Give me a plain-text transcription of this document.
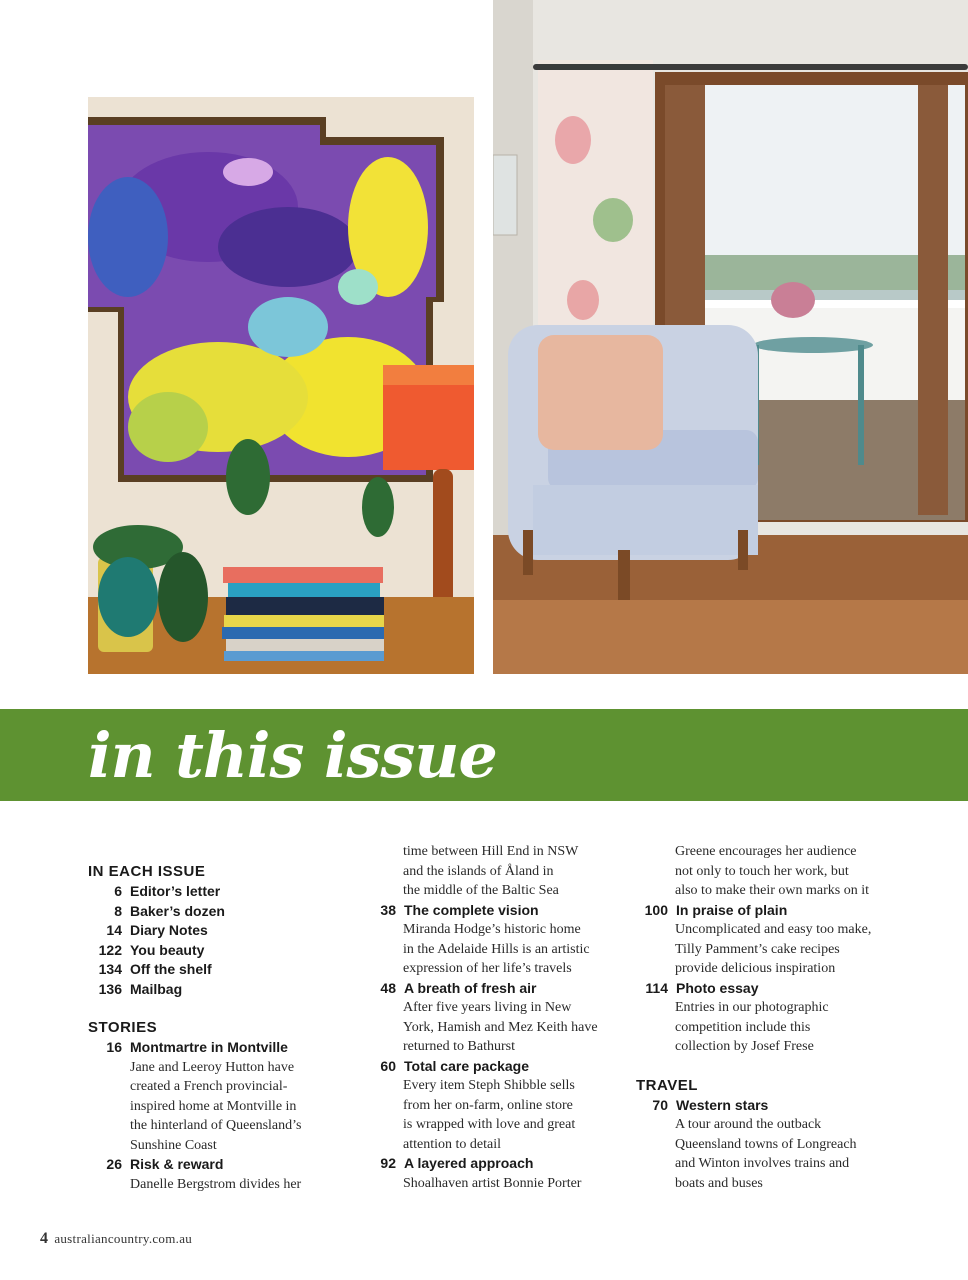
in this issue
IN EACH ISSUE
6 Editor’s letter
8 Baker’s dozen
14 Diary Notes
122 You beauty
134 Off the shelf
136 Mailbag
STORIES
16 Montmartre in Montville
Jane and Leeroy Hutton have
created a French provincial-
inspired home at Montville in
the hinterland of Queensland’s
Sunshine Coast
26 Risk & reward
Danelle Bergstrom divides her
time between Hill End in NSW
and the islands of Åland in
the middle of the Baltic Sea
38 The complete vision
Miranda Hodge’s historic home
in the Adelaide Hills is an artistic
expression of her life’s travels
48 A breath of fresh air
After five years living in New
York, Hamish and Mez Keith have
returned to Bathurst
60 Total care package
Every item Steph Shibble sells
from her on-farm, online store
is wrapped with love and great
attention to detail
92 A layered approach
Shoalhaven artist Bonnie Porter
Greene encourages her audience
not only to touch her work, but
also to make their own marks on it
100 In praise of plain
Uncomplicated and easy too make,
Tilly Pamment’s cake recipes
provide delicious inspiration
114 Photo essay
Entries in our photographic
competition include this
collection by Josef Frese
TRAVEL
70 Western stars
A tour around the outback
Queensland towns of Longreach
and Winton involves trains and
boats and buses
4 australiancountry.com.au
